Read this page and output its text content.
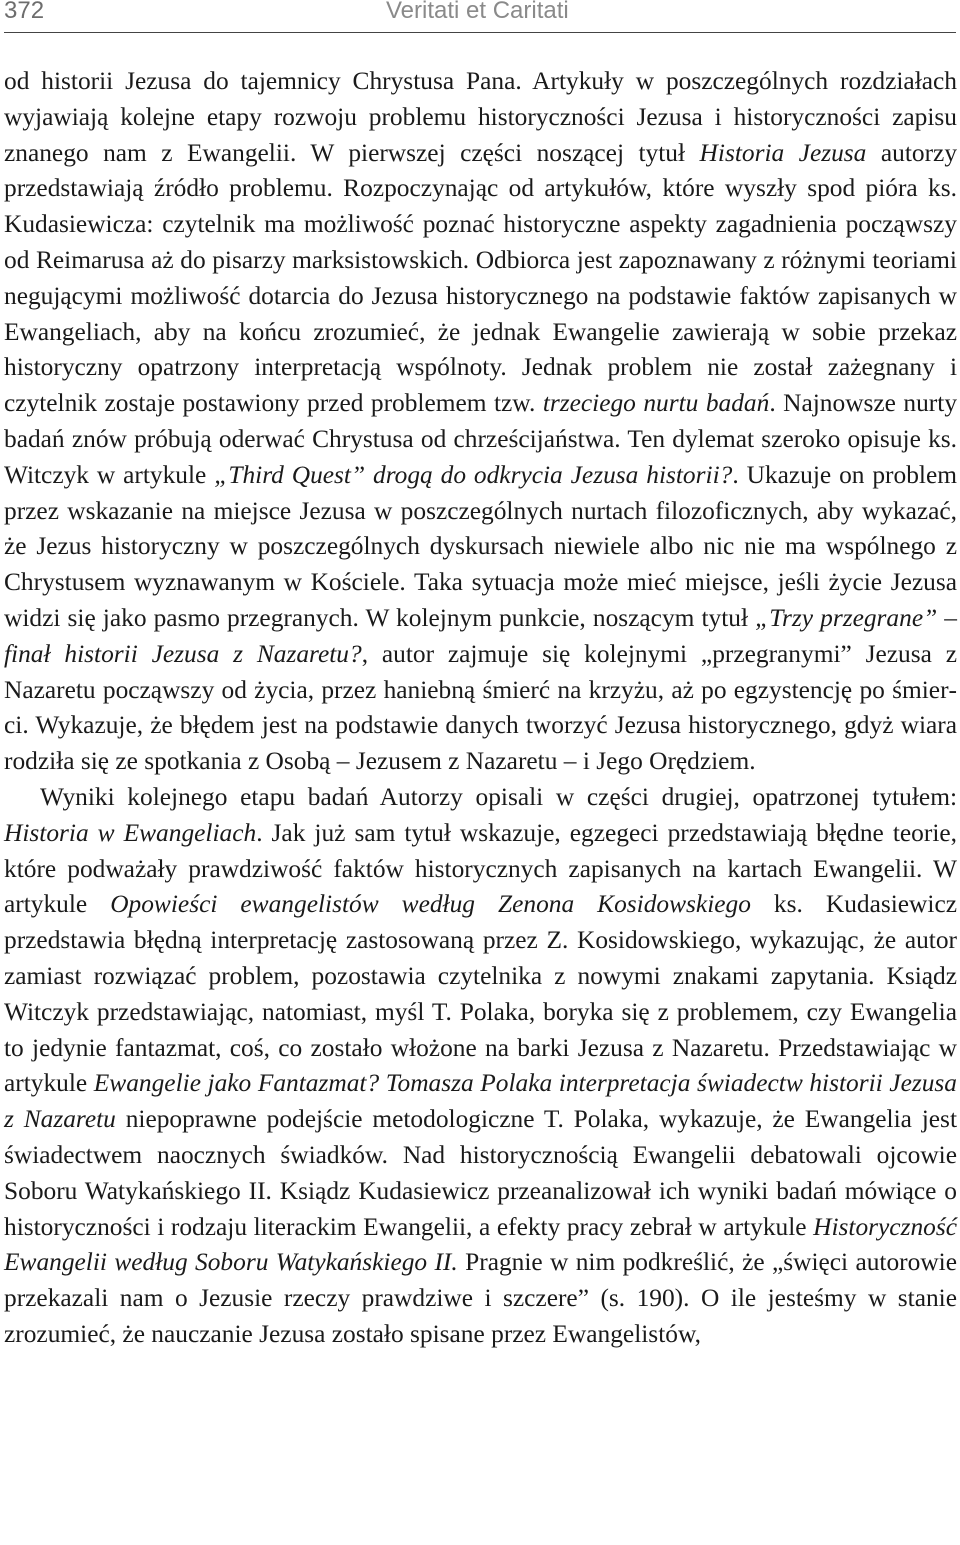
372	Veritati et Caritati

od historii Jezusa do tajemnicy Chrystusa Pana. Artykuły w poszczególnych rozdziałach wyjawiają kolejne etapy rozwoju problemu historyczności Jezusa i historyczności zapisu znanego nam z Ewangelii. W pierwszej części noszącej tytuł Historia Jezusa autorzy przedstawiają źródło problemu. Rozpoczynając od artykułów, które wyszły spod pióra ks. Kudasiewicza: czytelnik ma możliwość poznać historyczne aspekty zagadnienia począwszy od Reimarusa aż do pisarzy marksistowskich. Odbiorca jest zapoznawany z różnymi teoriami negującymi możliwość dotarcia do Jezusa historycznego na podstawie faktów zapisanych w Ewangeliach, aby na końcu zrozumieć, że jednak Ewangelie zawierają w sobie przekaz historyczny opatrzony interpretacją wspólnoty. Jednak problem nie został zażegnany i czytelnik zostaje postawiony przed problemem tzw. trzeciego nurtu badań. Najnowsze nurty badań znów próbują oderwać Chrystusa od chrześcijaństwa. Ten dylemat szeroko opisuje ks. Witczyk w artykule „Third Quest” drogą do odkrycia Jezusa historii?. Ukazuje on problem przez wskazanie na miejsce Jezusa w poszczególnych nurtach filozoficznych, aby wykazać, że Jezus historyczny w poszczególnych dyskursach niewiele albo nic nie ma wspólnego z Chrystusem wyznawanym w Kościele. Taka sytuacja może mieć miejsce, jeśli życie Jezusa widzi się jako pasmo przegranych. W kolejnym punkcie, noszącym tytuł „Trzy przegrane” – finał historii Jezusa z Nazaretu?, autor zajmuje się kolejnymi „przegranymi” Jezusa z Nazaretu począwszy od życia, przez haniebną śmierć na krzyżu, aż po egzystencję po śmierci. Wykazuje, że błędem jest na podstawie danych tworzyć Jezusa historycznego, gdyż wiara rodziła się ze spotkania z Osobą – Jezusem z Nazaretu – i Jego Orędziem.

Wyniki kolejnego etapu badań Autorzy opisali w części drugiej, opatrzonej tytułem: Historia w Ewangeliach. Jak już sam tytuł wskazuje, egzegeci przedstawiają błędne teorie, które podważały prawdziwość faktów historycznych zapisanych na kartach Ewangelii. W artykule Opowieści ewangelistów według Zenona Kosidowskiego ks. Kudasiewicz przedstawia błędną interpretację zastosowaną przez Z. Kosidowskiego, wykazując, że autor zamiast rozwiązać problem, pozostawia czytelnika z nowymi znakami zapytania. Ksiądz Witczyk przedstawiając, natomiast, myśl T. Polaka, boryka się z problemem, czy Ewangelia to jedynie fantazmat, coś, co zostało włożone na barki Jezusa z Nazaretu. Przedstawiając w artykule Ewangelie jako Fantazmat? Tomasza Polaka interpretacja świadectw historii Jezusa z Nazaretu niepoprawne podejście metodologiczne T. Polaka, wykazuje, że Ewangelia jest świadectwem naocznych świadków. Nad historycznością Ewangelii debatowali ojcowie Soboru Watykańskiego II. Ksiądz Kudasiewicz przeanalizował ich wyniki badań mówiące o historyczności i rodzaju literackim Ewangelii, a efekty pracy zebrał w artykule Historyczność Ewangelii według Soboru Watykańskiego II. Pragnie w nim podkreślić, że „święci autorowie przekazali nam o Jezusie rzeczy prawdziwe i szczere” (s. 190). O ile jesteśmy w stanie zrozumieć, że nauczanie Jezusa zostało spisane przez Ewangelistów,
